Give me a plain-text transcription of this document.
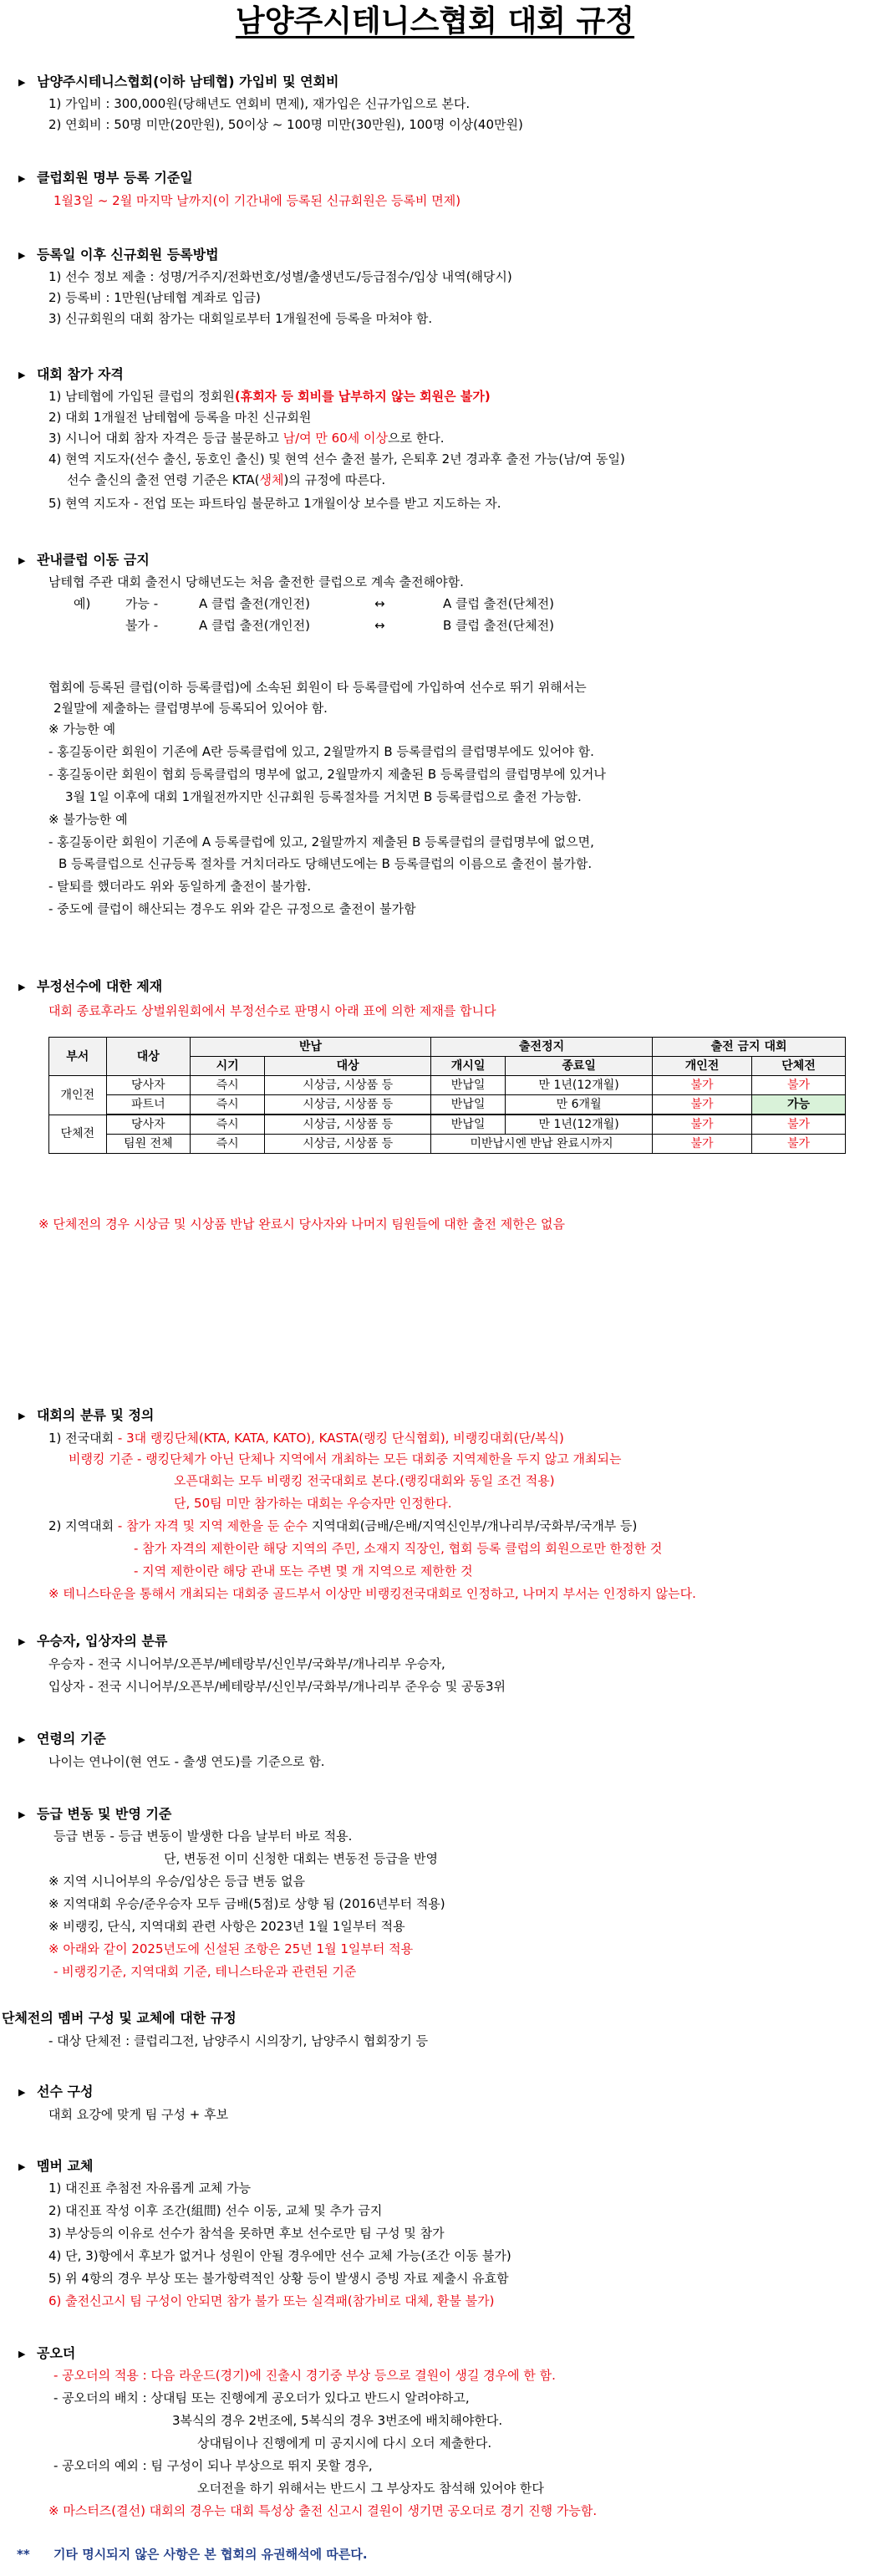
남양주시테니스협회 대회 규정
▶ 남양주시테니스협회(이하 남테협) 가입비 및 연회비
1) 가입비 : 300,000원(당해년도 연회비 면제), 재가입은 신규가입으로 본다.
2) 연회비 : 50명 미만(20만원), 50이상 ~ 100명 미만(30만원), 100명 이상(40만원)
▶ 클럽회원 명부 등록 기준일
1월3일 ~ 2월 마지막 날까지(이 기간내에 등록된 신규회원은 등록비 면제)
▶ 등록일 이후 신규회원 등록방법
1) 선수 정보 제출 : 성명/거주지/전화번호/성별/출생년도/등급점수/입상 내역(해당시)
2) 등록비 : 1만원(남테협 계좌로 입금)
3) 신규회원의 대회 참가는 대회일로부터 1개월전에 등록을 마쳐야 함.
▶ 대회 참가 자격
1) 남테협에 가입된 클럽의 정회원(휴회자 등 회비를 납부하지 않는 회원은 불가)
2) 대회 1개월전 남테협에 등록을 마친 신규회원
3) 시니어 대회 참자 자격은 등급 불문하고 남/여 만 60세 이상으로 한다.
4) 현역 지도자(선수 출신, 동호인 출신) 및 현역 선수 출전 불가, 은퇴후 2년 경과후 출전 가능(남/여 동일)
선수 출신의 출전 연령 기준은 KTA(생체)의 규정에 따른다.
5) 현역 지도자 - 전업 또는 파트타임 불문하고 1개월이상 보수를 받고 지도하는 자.
▶ 관내클럽 이동 금지
남테협 주관 대회 출전시 당해년도는 처음 출전한 클럽으로 계속 출전해야함.
예)	가능 -	A 클럽 출전(개인전)	↔	A 클럽 출전(단체전)
불가 -	A 클럽 출전(개인전)	↔	B 클럽 출전(단체전)
협회에 등록된 클럽(이하 등록클럽)에 소속된 회원이 타 등록클럽에 가입하여 선수로 뛰기 위해서는
2월말에 제출하는 클럽명부에 등록되어 있어야 함.
※ 가능한 예
- 홍길동이란 회원이 기존에 A란 등록클럽에 있고, 2월말까지 B 등록클럽의 클럽명부에도 있어야 함.
- 홍길동이란 회원이 협회 등록클럽의 명부에 없고, 2월말까지 제출된 B 등록클럽의 클럽명부에 있거나
3월 1일 이후에 대회 1개월전까지만 신규회원 등록절차를 거치면 B 등록클럽으로 출전 가능함.
※ 불가능한 예
- 홍길동이란 회원이 기존에 A 등록클럽에 있고, 2월말까지 제출된 B 등록클럽의 클럽명부에 없으면,
B 등록클럽으로 신규등록 절차를 거치더라도 당해년도에는 B 등록클럽의 이름으로 출전이 불가함.
- 탈퇴를 했더라도 위와 동일하게 출전이 불가함.
- 중도에 클럽이 해산되는 경우도 위와 같은 규정으로 출전이 불가함
▶ 부정선수에 대한 제재
대회 종료후라도 상벌위원회에서 부정선수로 판명시 아래 표에 의한 제재를 합니다
부서	대상	반납		출전정지		출전 금지 대회	
		시기	대상	개시일	종료일	개인전	단체전
개인전	당사자	즉시	시상금, 시상품 등	반납일	만 1년(12개월)	불가	불가
	파트너	즉시	시상금, 시상품 등	반납일	만 6개월	불가	가능
단체전	당사자	즉시	시상금, 시상품 등	반납일	만 1년(12개월)	불가	불가
	팀원 전체	즉시	시상금, 시상품 등	미반납시엔 반납 완료시까지		불가	불가
※ 단체전의 경우 시상금 및 시상품 반납 완료시 당사자와 나머지 팀원들에 대한 출전 제한은 없음
▶ 대회의 분류 및 정의
1) 전국대회 - 3대 랭킹단체(KTA, KATA, KATO), KASTA(랭킹 단식협회), 비랭킹대회(단/복식)
비랭킹 기준 - 랭킹단체가 아닌 단체나 지역에서 개최하는 모든 대회중 지역제한을 두지 않고 개최되는
오픈대회는 모두 비랭킹 전국대회로 본다.(랭킹대회와 동일 조건 적용)
단, 50팀 미만 참가하는 대회는 우승자만 인정한다.
2) 지역대회 - 참가 자격 및 지역 제한을 둔 순수 지역대회(금배/은배/지역신인부/개나리부/국화부/국개부 등)
- 참가 자격의 제한이란 해당 지역의 주민, 소재지 직장인, 협회 등록 클럽의 회원으로만 한정한 것
- 지역 제한이란 해당 관내 또는 주변 몇 개 지역으로 제한한 것
※ 테니스타운을 통해서 개최되는 대회중 골드부서 이상만 비랭킹전국대회로 인정하고, 나머지 부서는 인정하지 않는다.
▶ 우승자, 입상자의 분류
우승자 - 전국 시니어부/오픈부/베테랑부/신인부/국화부/개나리부 우승자,
입상자 - 전국 시니어부/오픈부/베테랑부/신인부/국화부/개나리부 준우승 및 공동3위
▶ 연령의 기준
나이는 연나이(현 연도 - 출생 연도)를 기준으로 함.
▶ 등급 변동 및 반영 기준
등급 변동 - 등급 변동이 발생한 다음 날부터 바로 적용.
단, 변동전 이미 신청한 대회는 변동전 등급을 반영
※ 지역 시니어부의 우승/입상은 등급 변동 없음
※ 지역대회 우승/준우승자 모두 금배(5점)로 상향 됨 (2016년부터 적용)
※ 비랭킹, 단식, 지역대회 관련 사항은 2023년 1월 1일부터 적용
※ 아래와 같이 2025년도에 신설된 조항은 25년 1월 1일부터 적용
- 비랭킹기준, 지역대회 기준, 테니스타운과 관련된 기준
단체전의 멤버 구성 및 교체에 대한 규정
- 대상 단체전 : 클럽리그전, 남양주시 시의장기, 남양주시 협회장기 등
▶ 선수 구성
대회 요강에 맞게 팀 구성 + 후보
▶ 멤버 교체
1) 대진표 추첨전 자유롭게 교체 가능
2) 대진표 작성 이후 조간(組間) 선수 이동, 교체 및 추가 금지
3) 부상등의 이유로 선수가 참석을 못하면 후보 선수로만 팀 구성 및 참가
4) 단, 3)항에서 후보가 없거나 성원이 안될 경우에만 선수 교체 가능(조간 이동 불가)
5) 위 4항의 경우 부상 또는 불가항력적인 상황 등이 발생시 증빙 자료 제출시 유효함
6) 출전신고시 팀 구성이 안되면 참가 불가 또는 실격패(참가비로 대체, 환불 불가)
▶ 공오더
- 공오더의 적용 : 다음 라운드(경기)에 진출시 경기중 부상 등으로 결원이 생길 경우에 한 함.
- 공오더의 배치 : 상대팀 또는 진행에게 공오더가 있다고 반드시 알려야하고,
3복식의 경우 2번조에, 5복식의 경우 3번조에 배치해야한다.
상대팀이나 진행에게 미 공지시에 다시 오더 제출한다.
- 공오더의 예외 : 팀 구성이 되나 부상으로 뛰지 못할 경우,
오더전을 하기 위해서는 반드시 그 부상자도 참석해 있어야 한다
※ 마스터즈(결선) 대회의 경우는 대회 특성상 출전 신고시 결원이 생기면 공오더로 경기 진행 가능함.
** 기타 명시되지 않은 사항은 본 협회의 유권해석에 따른다.
